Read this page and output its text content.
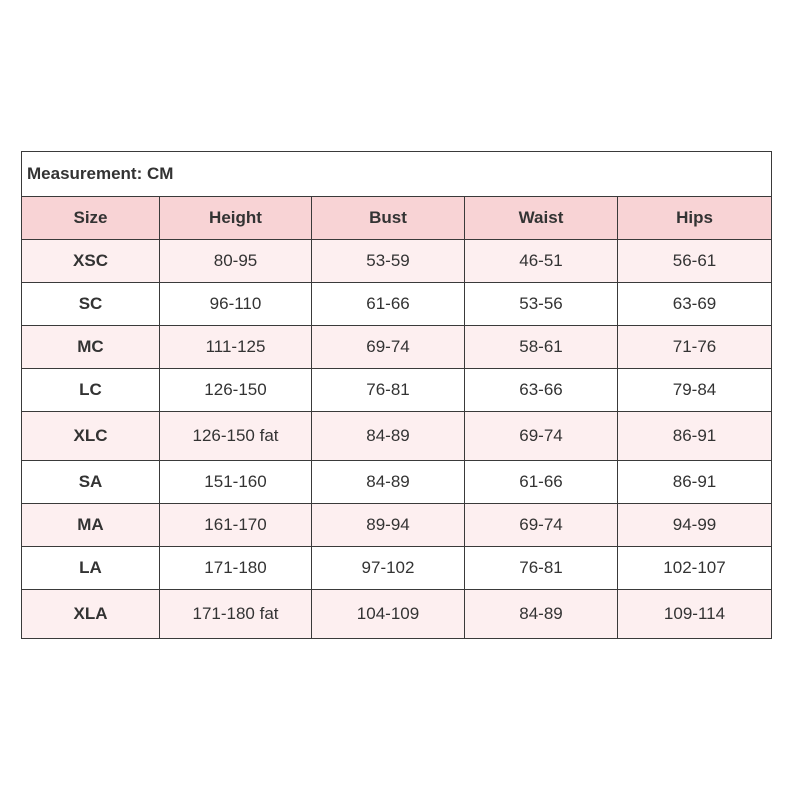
Measurement: CM				
Size	Height	Bust	Waist	Hips
XSC	80-95	53-59	46-51	56-61
SC	96-110	61-66	53-56	63-69
MC	111-125	69-74	58-61	71-76
LC	126-150	76-81	63-66	79-84
XLC	126-150 fat	84-89	69-74	86-91
SA	151-160	84-89	61-66	86-91
MA	161-170	89-94	69-74	94-99
LA	171-180	97-102	76-81	102-107
XLA	171-180 fat	104-109	84-89	109-114
